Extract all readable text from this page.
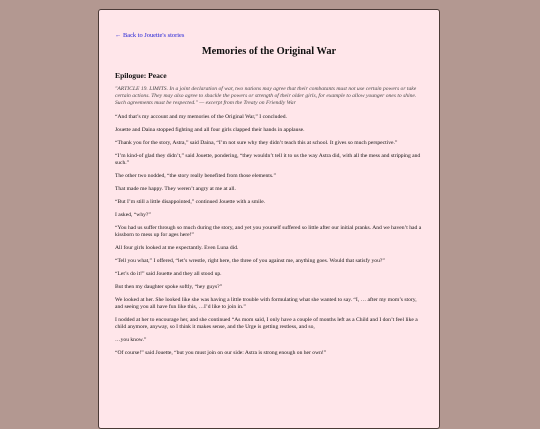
← Back to Jouette's stories
Memories of the Original War
Epilogue: Peace

"ARTICLE 19. LIMITS. In a joint declaration of war, two nations may agree that their combatants must not use certain powers or take certain actions. They may also agree to shackle the powers or strength of their older girls, for example to allow younger ones to shine. Such agreements must be respected." — excerpt from the Treaty on Friendly War

“And that’s my account and my memories of the Original War,” I concluded.

Jouette and Daina stopped fighting and all four girls clapped their hands in applause.

“Thank you for the story, Astra,” said Daina, “I’m not sure why they didn’t teach this at school. It gives so much perspective.”

“I’m kind-of glad they didn’t,” said Jouette, pondering, “they wouldn’t tell it to us the way Astra did, with all the mess and stripping and such.”

The other two nodded, “the story really benefited from those elements.”

That made me happy. They weren’t angry at me at all.

“But I’m still a little disappointed,” continued Jouette with a smile.

I asked, “why?”

“You had us suffer through so much during the story, and yet you yourself suffered so little after our initial pranks. And we haven’t had a kissborn to mess up for ages here!”

All four girls looked at me expectantly. Even Luna did.

“Tell you what,” I offered, “let’s wrestle, right here, the three of you against me, anything goes. Would that satisfy you?”

“Let’s do it!” said Jouette and they all stood up.

But then my daughter spoke softly, “hey guys?”

We looked at her. She looked like she was having a little trouble with formulating what she wanted to say. “I, … after my mom’s story, and seeing you all have fun like this, …I’d like to join in.”

I nodded at her to encourage her, and she continued “As mom said, I only have a couple of months left as a Child and I don’t feel like a child anymore, anyway, so I think it makes sense, and the Urge is getting restless, and so,

…you know.”

“Of course!” said Jouette, “but you must join on our side: Astra is strong enough on her own!”
